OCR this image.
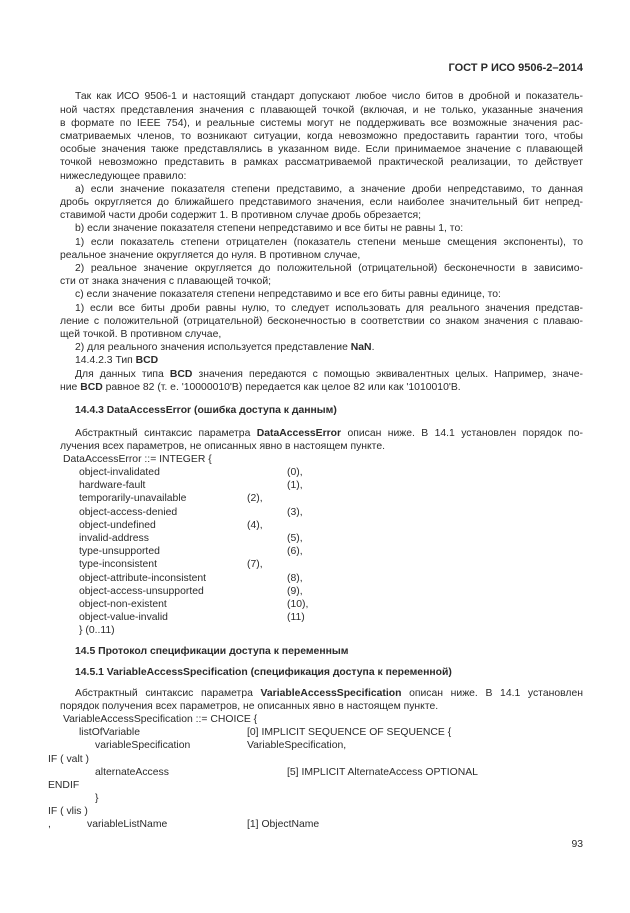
ГОСТ Р ИСО 9506-2–2014
Так как ИСО 9506-1 и настоящий стандарт допускают любое число битов в дробной и показатель-
ной частях представления значения с плавающей точкой (включая, и не только, указанные значения
в формате по IEEE 754), и реальные системы могут не поддерживать все возможные значения рас-
сматриваемых членов, то возникают ситуации, когда невозможно предоставить гарантии того, чтобы
особые значения также представлялись в указанном виде. Если принимаемое значение с плавающей
точкой невозможно представить в рамках рассматриваемой практической реализации, то действует
нижеследующее правило:
а) если значение показателя степени представимо, а значение дроби непредставимо, то данная
дробь округляется до ближайшего представимого значения, если наиболее значительный бит непред-
ставимой части дроби содержит 1. В противном случае дробь обрезается;
b) если значение показателя степени непредставимо и все биты не равны 1, то:
1) если показатель степени отрицателен (показатель степени меньше смещения экспоненты), то
реальное значение округляется до нуля. В противном случае,
2) реальное значение округляется до положительной (отрицательной) бесконечности в зависимо-
сти от знака значения с плавающей точкой;
c) если значение показателя степени непредставимо и все его биты равны единице, то:
1) если все биты дроби равны нулю, то следует использовать для реального значения представ-
ление с положительной (отрицательной) бесконечностью в соответствии со знаком значения с плаваю-
щей точкой. В противном случае,
2) для реального значения используется представление NaN.
14.4.2.3 Тип BCD
Для данных типа BCD значения передаются с помощью эквивалентных целых. Например, значе-
ние BCD равное 82 (т. е. '10000010'B) передается как целое 82 или как '1010010'B.
14.4.3 DataAccessError (ошибка доступа к данным)
Абстрактный синтаксис параметра DataAccessError описан ниже. В 14.1 установлен порядок по-
лучения всех параметров, не описанных явно в настоящем пункте.
DataAccessError ::= INTEGER {
object-invalidated	(0),
hardware-fault	(1),
temporarily-unavailable	(2),
object-access-denied	(3),
object-undefined	(4),
invalid-address	(5),
type-unsupported	(6),
type-inconsistent	(7),
object-attribute-inconsistent	(8),
object-access-unsupported	(9),
object-non-existent	(10),
object-value-invalid	(11)
} (0..11)
14.5 Протокол спецификации доступа к переменным
14.5.1 VariableAccessSpecification (спецификация доступа к переменной)
Абстрактный синтаксис параметра VariableAccessSpecification описан ниже. В 14.1 установлен
порядок получения всех параметров, не описанных явно в настоящем пункте.
VariableAccessSpecification ::= CHOICE {
listOfVariable	[0] IMPLICIT SEQUENCE OF SEQUENCE {
variableSpecification	VariableSpecification,
IF ( valt )
alternateAccess	[5] IMPLICIT AlternateAccess OPTIONAL
ENDIF
}
IF ( vlis )
,	variableListName	[1] ObjectName
93
